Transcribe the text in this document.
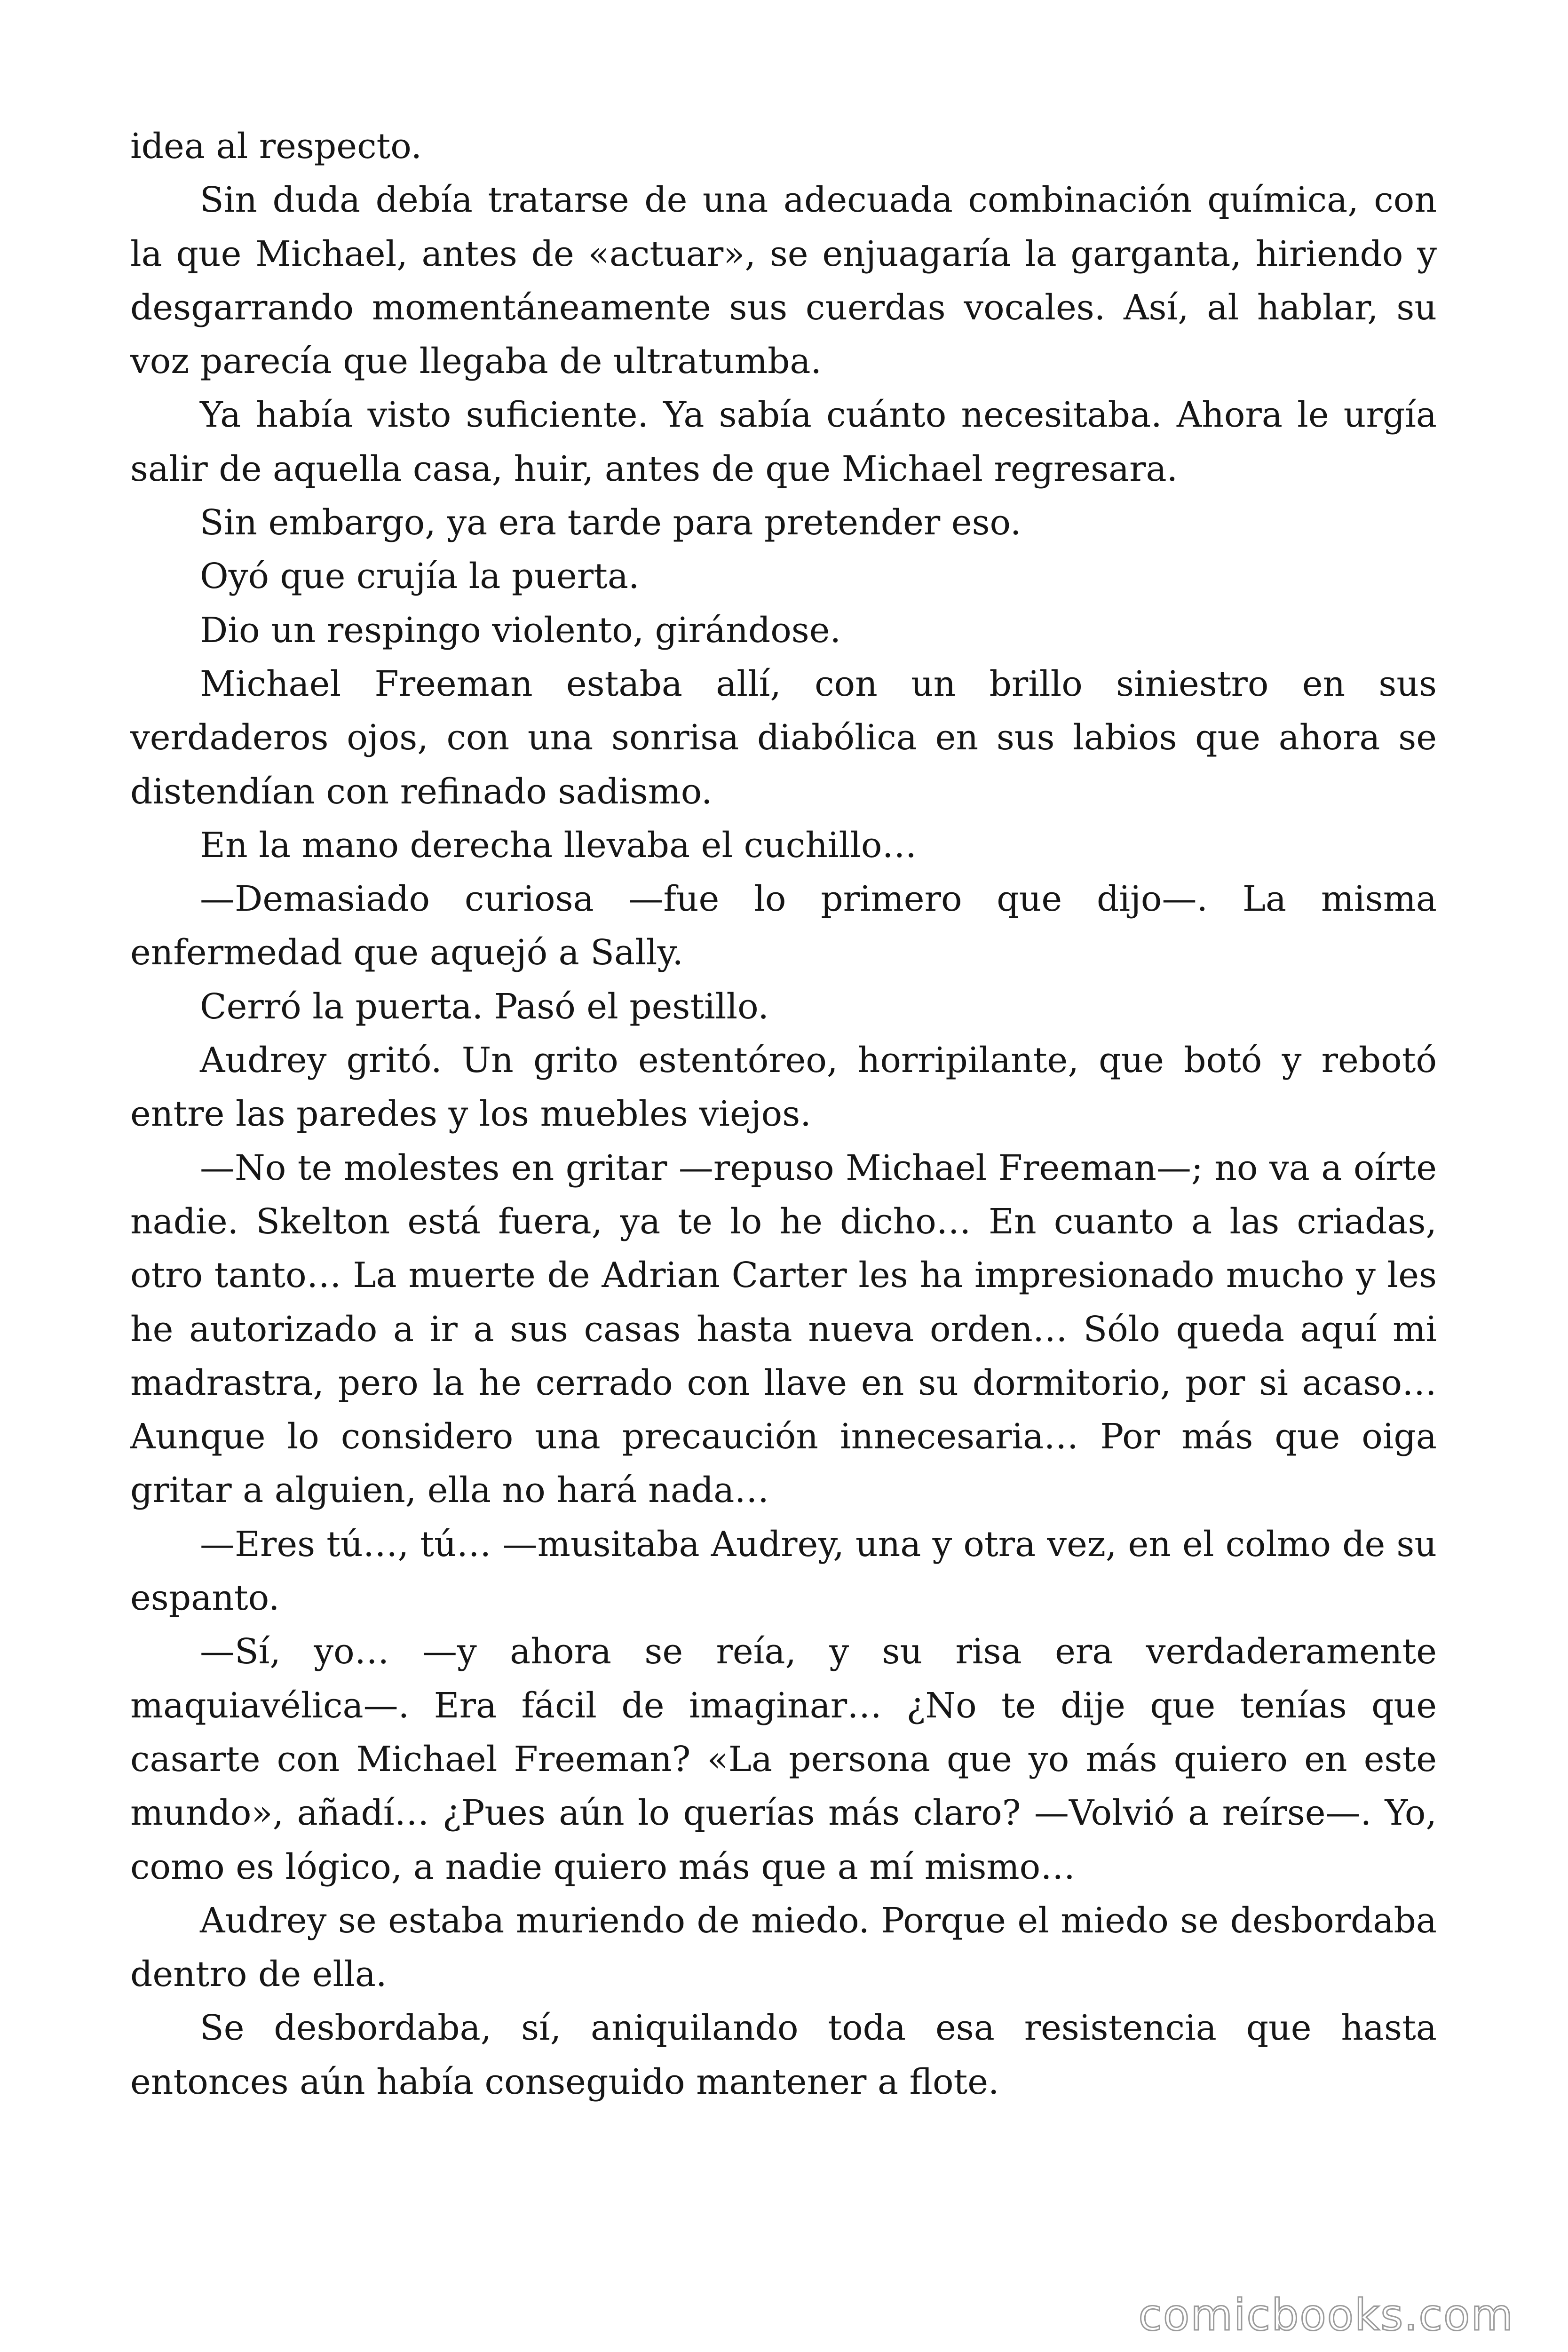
idea al respecto.

Sin duda debía tratarse de una adecuada combinación química, con la que Michael, antes de «actuar», se enjuagaría la garganta, hiriendo y desgarrando momentáneamente sus cuerdas vocales. Así, al hablar, su voz parecía que llegaba de ultratumba.

Ya había visto suficiente. Ya sabía cuánto necesitaba. Ahora le urgía salir de aquella casa, huir, antes de que Michael regresara.

Sin embargo, ya era tarde para pretender eso.

Oyó que crujía la puerta.

Dio un respingo violento, girándose.

Michael Freeman estaba allí, con un brillo siniestro en sus verdaderos ojos, con una sonrisa diabólica en sus labios que ahora se distendían con refinado sadismo.

En la mano derecha llevaba el cuchillo…

—Demasiado curiosa —fue lo primero que dijo—. La misma enfermedad que aquejó a Sally.

Cerró la puerta. Pasó el pestillo.

Audrey gritó. Un grito estentóreo, horripilante, que botó y rebotó entre las paredes y los muebles viejos.

—No te molestes en gritar —repuso Michael Freeman—; no va a oírte nadie. Skelton está fuera, ya te lo he dicho… En cuanto a las criadas, otro tanto… La muerte de Adrian Carter les ha impresionado mucho y les he autorizado a ir a sus casas hasta nueva orden… Sólo queda aquí mi madrastra, pero la he cerrado con llave en su dormitorio, por si acaso… Aunque lo considero una precaución innecesaria… Por más que oiga gritar a alguien, ella no hará nada…

—Eres tú…, tú… —musitaba Audrey, una y otra vez, en el colmo de su espanto.

—Sí, yo… —y ahora se reía, y su risa era verdaderamente maquiavélica—. Era fácil de imaginar… ¿No te dije que tenías que casarte con Michael Freeman? «La persona que yo más quiero en este mundo», añadí… ¿Pues aún lo querías más claro? —Volvió a reírse—. Yo, como es lógico, a nadie quiero más que a mí mismo…

Audrey se estaba muriendo de miedo. Porque el miedo se desbordaba dentro de ella.

Se desbordaba, sí, aniquilando toda esa resistencia que hasta entonces aún había conseguido mantener a flote.

comicbooks.com
